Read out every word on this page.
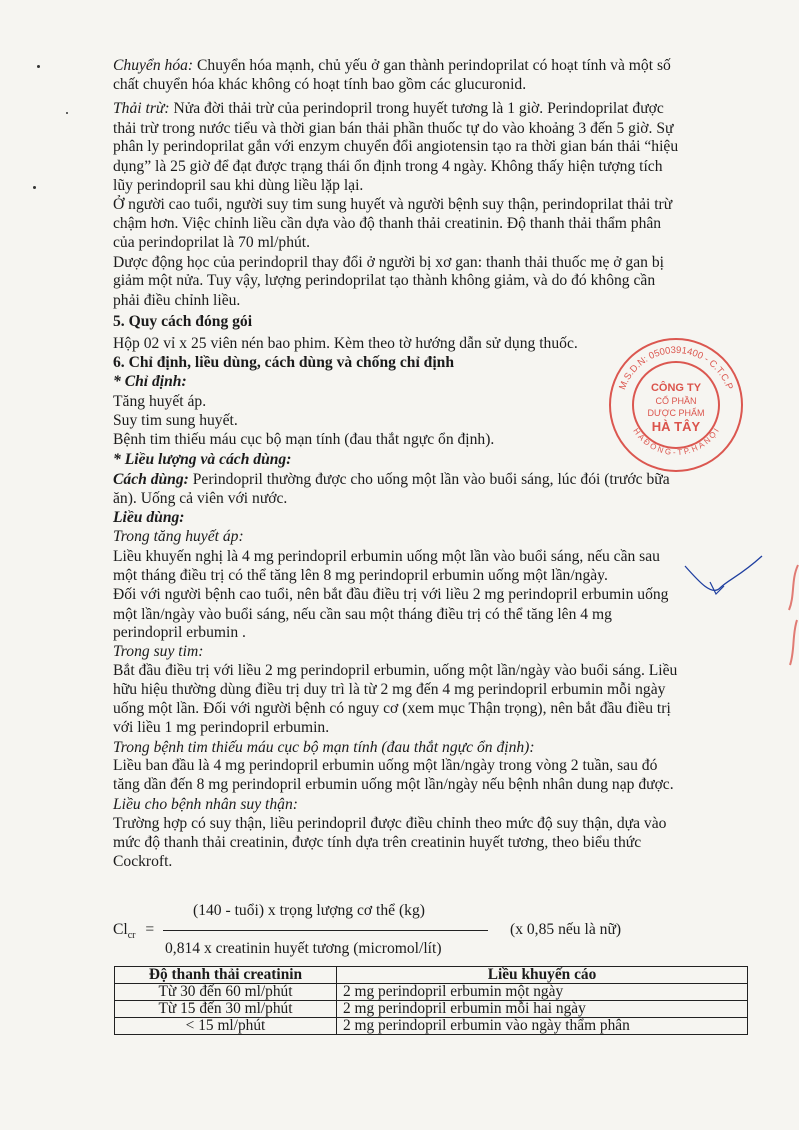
Chuyển hóa: Chuyển hóa mạnh, chủ yếu ở gan thành perindoprilat có hoạt tính và một số
chất chuyển hóa khác không có hoạt tính bao gồm các glucuronid.
Thải trừ: Nửa đời thải trừ của perindopril trong huyết tương là 1 giờ. Perindoprilat được
thải trừ trong nước tiểu và thời gian bán thải phần thuốc tự do vào khoảng 3 đến 5 giờ. Sự
phân ly perindoprilat gắn với enzym chuyển đổi angiotensin tạo ra thời gian bán thải “hiệu
dụng” là 25 giờ để đạt được trạng thái ổn định trong 4 ngày. Không thấy hiện tượng tích
lũy perindopril sau khi dùng liều lặp lại.
Ở người cao tuổi, người suy tim sung huyết và người bệnh suy thận, perindoprilat thải trừ
chậm hơn. Việc chỉnh liều cần dựa vào độ thanh thải creatinin. Độ thanh thải thẩm phân
của perindoprilat là 70 ml/phút.
Dược động học của perindopril thay đổi ở người bị xơ gan: thanh thải thuốc mẹ ở gan bị
giảm một nửa. Tuy vậy, lượng perindoprilat tạo thành không giảm, và do đó không cần
phải điều chỉnh liều.
5. Quy cách đóng gói
Hộp 02 vỉ x 25 viên nén bao phim. Kèm theo tờ hướng dẫn sử dụng thuốc.
6. Chỉ định, liều dùng, cách dùng và chống chỉ định
* Chỉ định:
Tăng huyết áp.
Suy tim sung huyết.
Bệnh tim thiếu máu cục bộ mạn tính (đau thắt ngực ổn định).
* Liều lượng và cách dùng:
Cách dùng: Perindopril thường được cho uống một lần vào buổi sáng, lúc đói (trước bữa
ăn). Uống cả viên với nước.
Liều dùng:
Trong tăng huyết áp:
Liều khuyến nghị là 4 mg perindopril erbumin uống một lần vào buổi sáng, nếu cần sau
một tháng điều trị có thể tăng lên 8 mg perindopril erbumin uống một lần/ngày.
Đối với người bệnh cao tuổi, nên bắt đầu điều trị với liều 2 mg perindopril erbumin uống
một lần/ngày vào buổi sáng, nếu cần sau một tháng điều trị có thể tăng lên 4 mg
perindopril erbumin .
Trong suy tim:
Bắt đầu điều trị với liều 2 mg perindopril erbumin, uống một lần/ngày vào buổi sáng. Liều
hữu hiệu thường dùng điều trị duy trì là từ 2 mg đến 4 mg perindopril erbumin mỗi ngày
uống một lần. Đối với người bệnh có nguy cơ (xem mục Thận trọng), nên bắt đầu điều trị
với liều 1 mg perindopril erbumin.
Trong bệnh tim thiếu máu cục bộ mạn tính (đau thắt ngực ổn định):
Liều ban đầu là 4 mg perindopril erbumin uống một lần/ngày trong vòng 2 tuần, sau đó
tăng dần đến 8 mg perindopril erbumin uống một lần/ngày nếu bệnh nhân dung nạp được.
Liều cho bệnh nhân suy thận:
Trường hợp có suy thận, liều perindopril được điều chỉnh theo mức độ suy thận, dựa vào
mức độ thanh thải creatinin, được tính dựa trên creatinin huyết tương, theo biểu thức
Cockroft.
$Cl_{cr}$ =
(140 - tuổi) x trọng lượng cơ thể (kg)
0,814 x creatinin huyết tương (micromol/lít)
(x 0,85 nếu là nữ)
Độ thanh thải creatinin	Liều khuyến cáo
Từ 30 đến 60 ml/phút	2 mg perindopril erbumin một ngày
Từ 15 đến 30 ml/phút	2 mg perindopril erbumin mỗi hai ngày
< 15 ml/phút	2 mg perindopril erbumin vào ngày thẩm phân
M.S.D.N: 0500391400 - C.T.C.P
H À Đ Ô N G - T P. H À N Ộ I
CÔNG TY
CỔ PHẦN
DƯỢC PHẨM
HÀ TÂY
